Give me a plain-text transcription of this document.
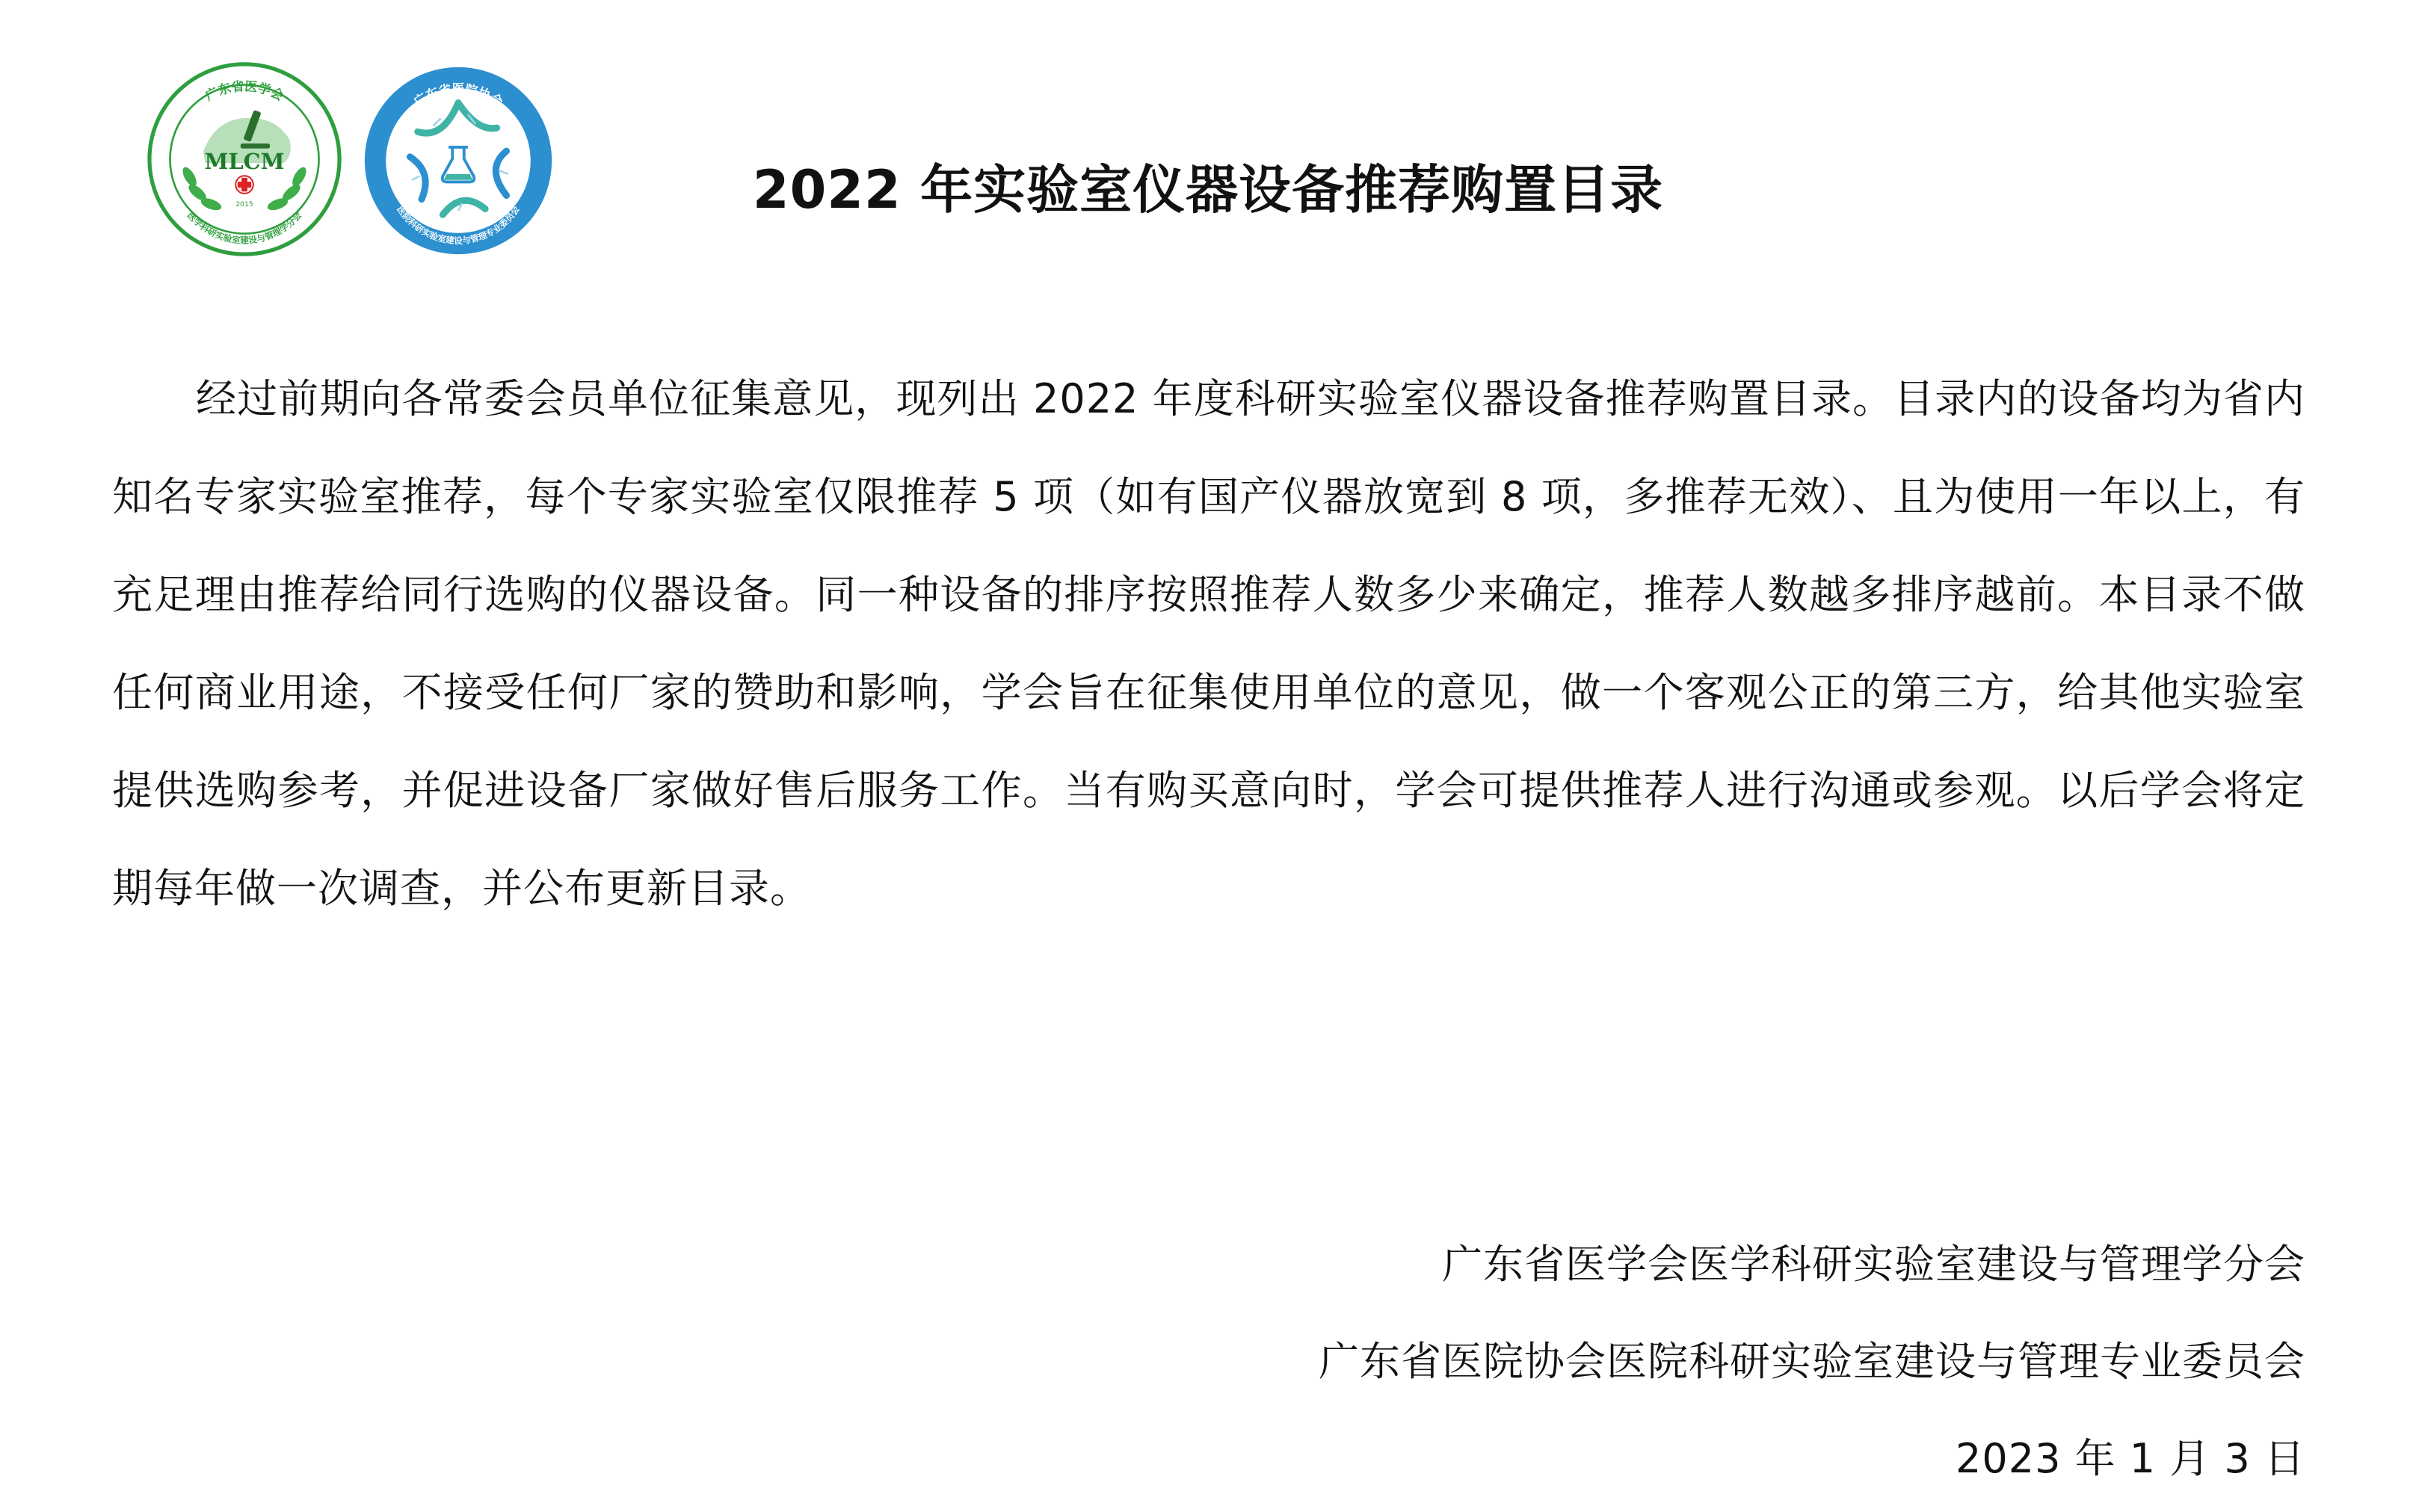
广东省医学会
医学科研实验室建设与管理学分会
MLCM
2015
广东省医院协会
医院科研实验室建设与管理专业委员会	2022 年实验室仪器设备推荐购置目录

经过前期向各常委会员单位征集意见，现列出 2022 年度科研实验室仪器设备推荐购置目录。目录内的设备均为省内知名专家实验室推荐，每个专家实验室仅限推荐 5 项（如有国产仪器放宽到 8 项，多推荐无效）、且为使用一年以上，有充足理由推荐给同行选购的仪器设备。同一种设备的排序按照推荐人数多少来确定，推荐人数越多排序越前。本目录不做任何商业用途，不接受任何厂家的赞助和影响，学会旨在征集使用单位的意见，做一个客观公正的第三方，给其他实验室提供选购参考，并促进设备厂家做好售后服务工作。当有购买意向时，学会可提供推荐人进行沟通或参观。以后学会将定期每年做一次调查，并公布更新目录。

广东省医学会医学科研实验室建设与管理学分会

广东省医院协会医院科研实验室建设与管理专业委员会

2023 年 1 月 3 日
